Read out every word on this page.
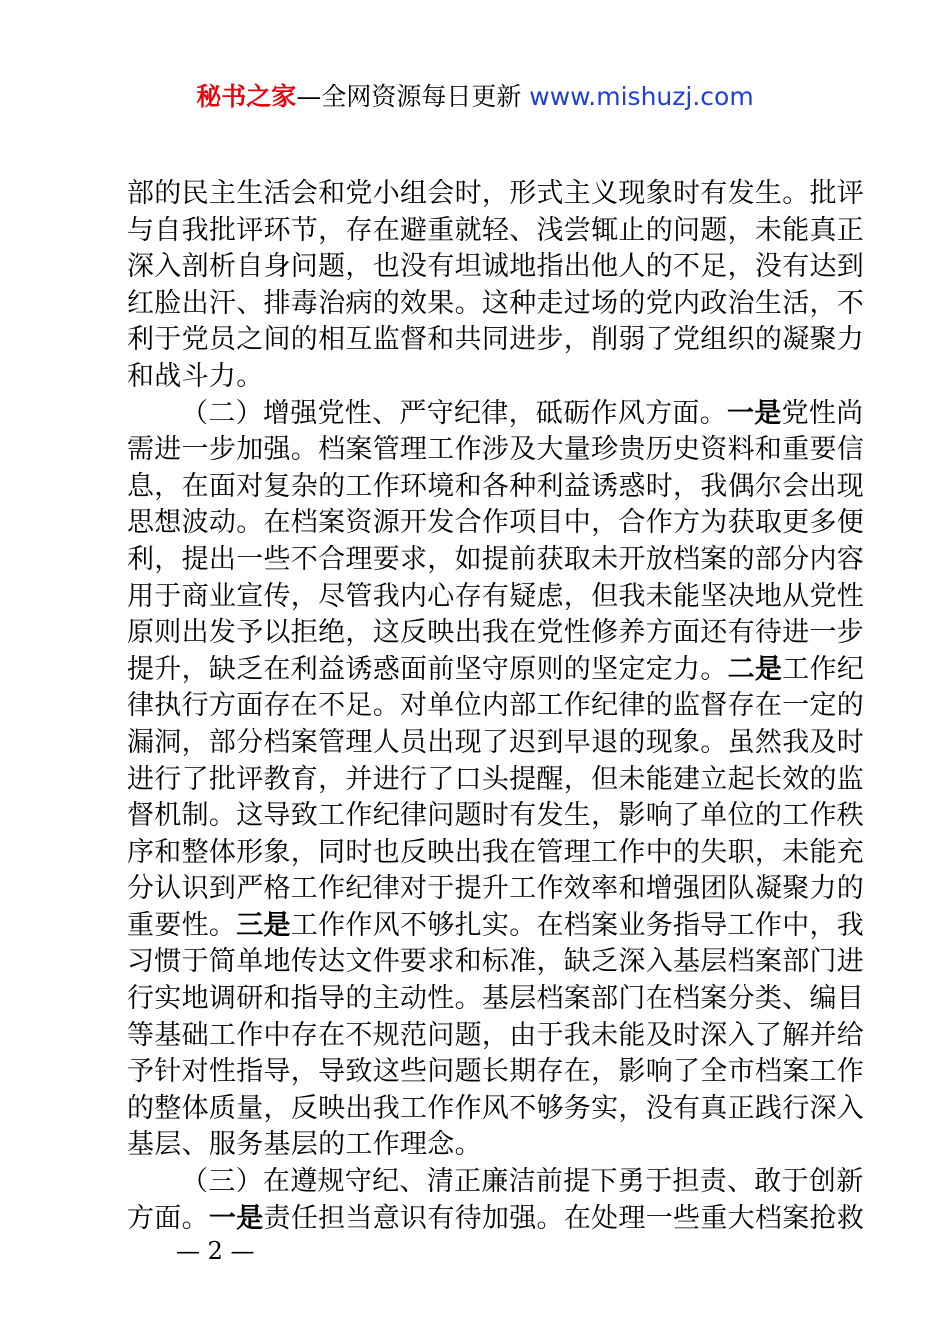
秘书之家—全网资源每日更新 www.mishuzj.com
部的民主生活会和党小组会时，形式主义现象时有发生。批评
与自我批评环节，存在避重就轻、浅尝辄止的问题，未能真正
深入剖析自身问题，也没有坦诚地指出他人的不足，没有达到
红脸出汗、排毒治病的效果。这种走过场的党内政治生活，不
利于党员之间的相互监督和共同进步，削弱了党组织的凝聚力
和战斗力。
（二）增强党性、严守纪律，砥砺作风方面。一是党性尚
需进一步加强。档案管理工作涉及大量珍贵历史资料和重要信
息，在面对复杂的工作环境和各种利益诱惑时，我偶尔会出现
思想波动。在档案资源开发合作项目中，合作方为获取更多便
利，提出一些不合理要求，如提前获取未开放档案的部分内容
用于商业宣传，尽管我内心存有疑虑，但我未能坚决地从党性
原则出发予以拒绝，这反映出我在党性修养方面还有待进一步
提升，缺乏在利益诱惑面前坚守原则的坚定定力。二是工作纪
律执行方面存在不足。对单位内部工作纪律的监督存在一定的
漏洞，部分档案管理人员出现了迟到早退的现象。虽然我及时
进行了批评教育，并进行了口头提醒，但未能建立起长效的监
督机制。这导致工作纪律问题时有发生，影响了单位的工作秩
序和整体形象，同时也反映出我在管理工作中的失职，未能充
分认识到严格工作纪律对于提升工作效率和增强团队凝聚力的
重要性。三是工作作风不够扎实。在档案业务指导工作中，我
习惯于简单地传达文件要求和标准，缺乏深入基层档案部门进
行实地调研和指导的主动性。基层档案部门在档案分类、编目
等基础工作中存在不规范问题，由于我未能及时深入了解并给
予针对性指导，导致这些问题长期存在，影响了全市档案工作
的整体质量，反映出我工作作风不够务实，没有真正践行深入
基层、服务基层的工作理念。
（三）在遵规守纪、清正廉洁前提下勇于担责、敢于创新
方面。一是责任担当意识有待加强。在处理一些重大档案抢救
— 2 —
